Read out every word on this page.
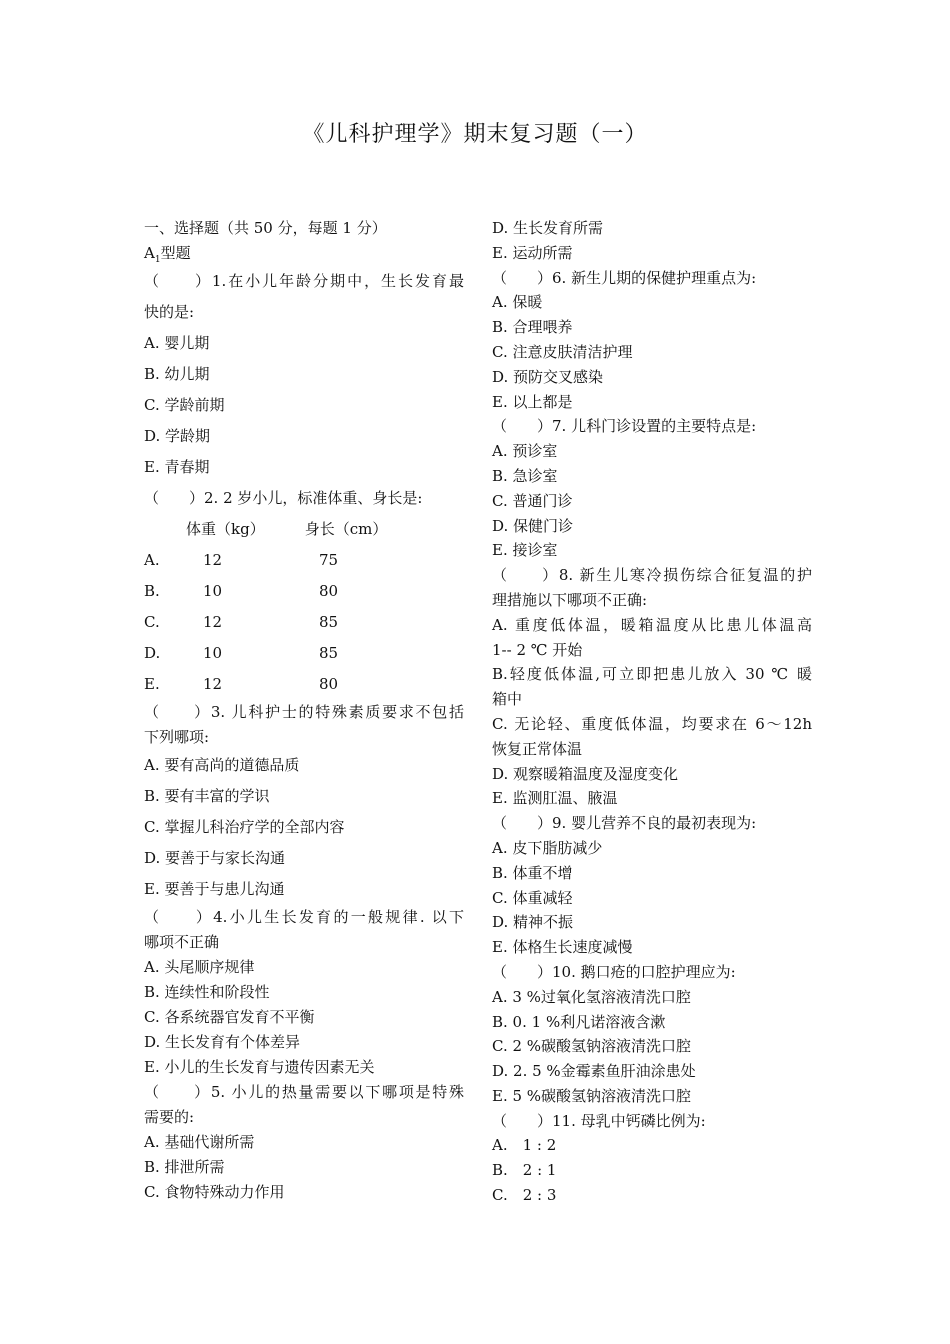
《儿科护理学》期末复习题（一）
一、选择题（共 50 分，每题 1 分）
$A_1$型题
（　　）1.在小儿年龄分期中，生长发育最
快的是:
A. 婴儿期
B. 幼儿期
C. 学龄前期
D. 学龄期
E. 青春期
（　　）2. 2 岁小儿，标准体重、身长是:
体重（kg）	身长（cm）
A.	12	75
B.	10	80
C.	12	85
D.	10	85
E.	12	80
（　　）3. 儿科护士的特殊素质要求不包括
下列哪项:
A. 要有高尚的道德品质
B. 要有丰富的学识
C. 掌握儿科治疗学的全部内容
D. 要善于与家长沟通
E. 要善于与患儿沟通
（　　）4.小儿生长发育的一般规律. 以下
哪项不正确
A. 头尾顺序规律
B. 连续性和阶段性
C. 各系统器官发育不平衡
D. 生长发育有个体差异
E. 小儿的生长发育与遗传因素无关
（　　）5. 小儿的热量需要以下哪项是特殊
需要的:
A. 基础代谢所需
B. 排泄所需
C. 食物特殊动力作用
D. 生长发育所需
E. 运动所需
（　　）6. 新生儿期的保健护理重点为:
A. 保暖
B. 合理喂养
C. 注意皮肤清洁护理
D. 预防交叉感染
E. 以上都是
（　　）7. 儿科门诊设置的主要特点是:
A. 预诊室
B. 急诊室
C. 普通门诊
D. 保健门诊
E. 接诊室
（　　）8. 新生儿寒冷损伤综合征复温的护
理措施以下哪项不正确:
A. 重度低体温，暖箱温度从比患儿体温高
1-- 2 ℃ 开始
B.轻度低体温,可立即把患儿放入 30 ℃ 暖
箱中
C. 无论轻、重度低体温，均要求在 6～12h
恢复正常体温
D. 观察暖箱温度及湿度变化
E. 监测肛温、腋温
（　　）9. 婴儿营养不良的最初表现为:
A. 皮下脂肪减少
B. 体重不增
C. 体重减轻
D. 精神不振
E. 体格生长速度减慢
（　　）10. 鹅口疮的口腔护理应为:
A. 3 %过氧化氢溶液清洗口腔
B. 0. 1 %利凡诺溶液含漱
C. 2 %碳酸氢钠溶液清洗口腔
D. 2. 5 %金霉素鱼肝油涂患处
E. 5 %碳酸氢钠溶液清洗口腔
（　　）11. 母乳中钙磷比例为:
A.　1 : 2
B.　2 : 1
C.　2 : 3
